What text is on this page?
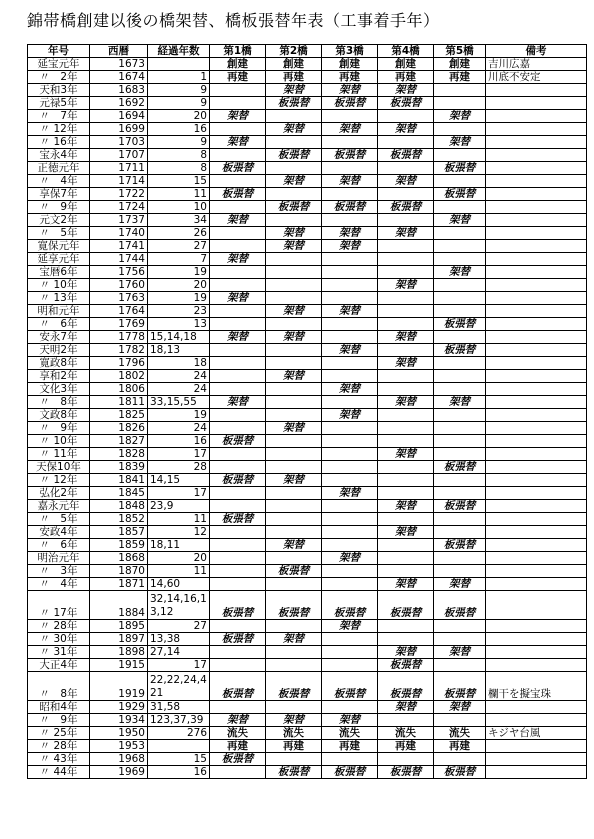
錦帯橋創建以後の橋架替、橋板張替年表（工事着手年）
年号	西暦	経過年数	第1橋	第2橋	第3橋	第4橋	第5橋	備考
延宝元年	1673		創建	創建	創建	創建	創建	吉川広嘉
〃　2年	1674	1	再建	再建	再建	再建	再建	川底不安定
天和3年	1683	9		架替	架替	架替		
元禄5年	1692	9		板張替	板張替	板張替		
〃　7年	1694	20	架替				架替	
〃 12年	1699	16		架替	架替	架替		
〃 16年	1703	9	架替				架替	
宝永4年	1707	8		板張替	板張替	板張替		
正徳元年	1711	8	板張替				板張替	
〃　4年	1714	15		架替	架替	架替		
享保7年	1722	11	板張替				板張替	
〃　9年	1724	10		板張替	板張替	板張替		
元文2年	1737	34	架替				架替	
〃　5年	1740	26		架替	架替	架替		
寛保元年	1741	27		架替	架替			
延享元年	1744	7	架替					
宝暦6年	1756	19					架替	
〃 10年	1760	20				架替		
〃 13年	1763	19	架替					
明和元年	1764	23		架替	架替			
〃　6年	1769	13					板張替	
安永7年	1778	15,14,18	架替	架替		架替		
天明2年	1782	18,13			架替		板張替	
寛政8年	1796	18				架替		
享和2年	1802	24		架替				
文化3年	1806	24			架替			
〃　8年	1811	33,15,55	架替			架替	架替	
文政8年	1825	19			架替			
〃　9年	1826	24		架替				
〃 10年	1827	16	板張替					
〃 11年	1828	17				架替		
天保10年	1839	28					板張替	
〃 12年	1841	14,15	板張替	架替				
弘化2年	1845	17			架替			
嘉永元年	1848	23,9				架替	板張替	
〃　5年	1852	11	板張替					
安政4年	1857	12				架替		
〃　6年	1859	18,11		架替			板張替	
明治元年	1868	20			架替			
〃　3年	1870	11		板張替				
〃　4年	1871	14,60				架替	架替	
〃 17年	1884	32,14,16,13,12	板張替	板張替	板張替	板張替	板張替	
〃 28年	1895	27			架替			
〃 30年	1897	13,38	板張替	架替				
〃 31年	1898	27,14				架替	架替	
大正4年	1915	17				板張替		
〃　8年	1919	22,22,24,421	板張替	板張替	板張替	板張替	板張替	欄干を擬宝珠
昭和4年	1929	31,58				架替	架替	
〃　9年	1934	123,37,39	架替	架替	架替			
〃 25年	1950	276	流失	流失	流失	流失	流失	キジヤ台風
〃 28年	1953		再建	再建	再建	再建	再建	
〃 43年	1968	15	板張替					
〃 44年	1969	16		板張替	板張替	板張替	板張替	
